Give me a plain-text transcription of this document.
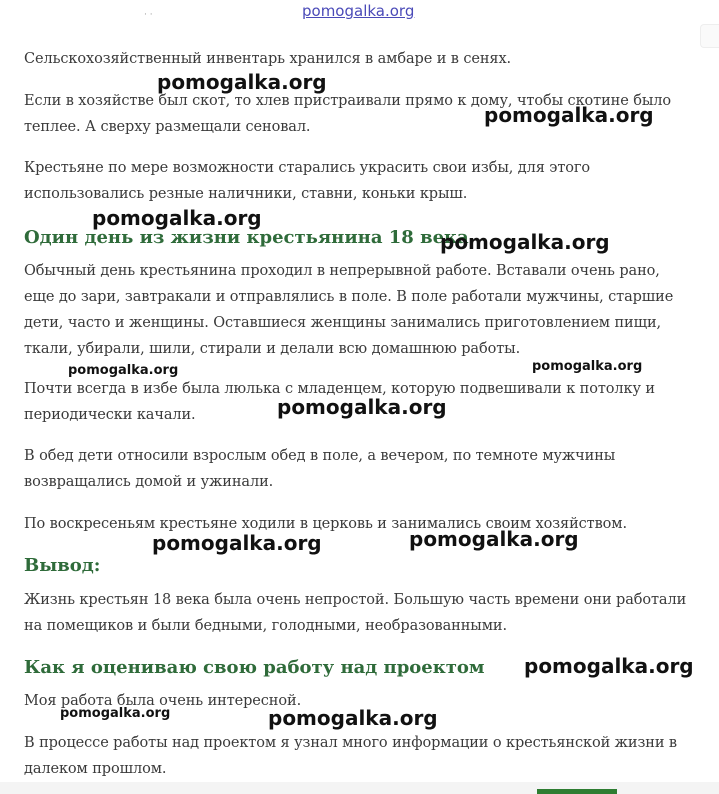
pomogalka.org
· ·

Сельскохозяйственный инвентарь хранился в амбаре и в сенях.

Если в хозяйстве был скот, то хлев пристраивали прямо к дому, чтобы скотине было теплее. А сверху размещали сеновал.

Крестьяне по мере возможности старались украсить свои избы, для этого использовались резные наличники, ставни, коньки крыш.

Один день из жизни крестьянина 18 века

Обычный день крестьянина проходил в непрерывной работе. Вставали очень рано, еще до зари, завтракали и отправлялись в поле. В поле работали мужчины, старшие дети, часто и женщины. Оставшиеся женщины занимались приготовлением пищи, ткали, убирали, шили, стирали и делали всю домашнюю работы.

Почти всегда в избе была люлька с младенцем, которую подвешивали к потолку и периодически качали.

В обед дети относили взрослым обед в поле, а вечером, по темноте мужчины возвращались домой и ужинали.

По воскресеньям крестьяне ходили в церковь и занимались своим хозяйством.

Вывод:

Жизнь крестьян 18 века была очень непростой. Большую часть времени они работали на помещиков и были бедными, голодными, необразованными.

Как я оцениваю свою работу над проектом

Моя работа была очень интересной.

В процессе работы над проектом я узнал много информации о крестьянской жизни в далеком прошлом.

pomogalka.org
pomogalka.org
pomogalka.org
pomogalka.org
pomogalka.org
pomogalka.org
pomogalka.org
pomogalka.org	pomogalka.org
pomogalka.org
pomogalka.org	pomogalka.org
